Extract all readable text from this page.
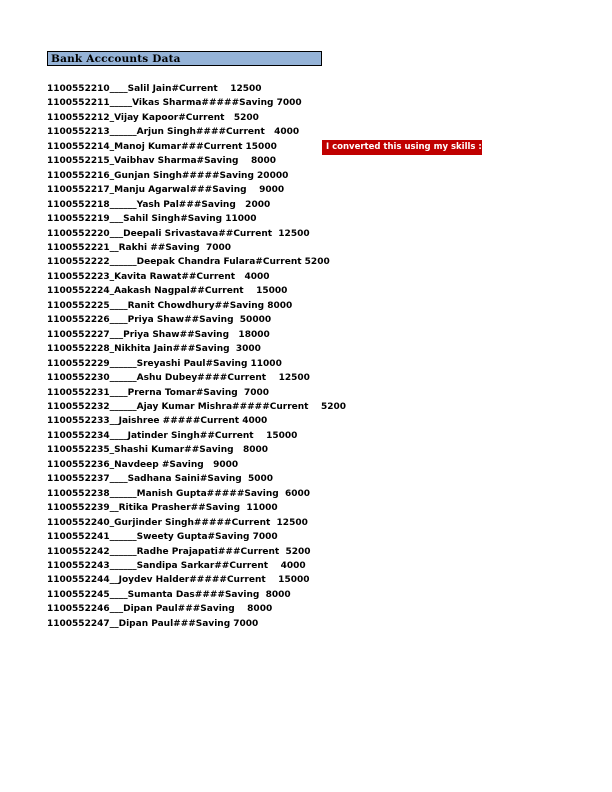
Bank Acccounts Data
1100552210____Salil Jain#Current    12500
1100552211_____Vikas Sharma#####Saving 7000
1100552212_Vijay Kapoor#Current   5200
1100552213______Arjun Singh####Current   4000
1100552214_Manoj Kumar###Current 15000
1100552215_Vaibhav Sharma#Saving    8000
1100552216_Gunjan Singh#####Saving 20000
1100552217_Manju Agarwal###Saving    9000
1100552218______Yash Pal###Saving   2000
1100552219___Sahil Singh#Saving 11000
1100552220___Deepali Srivastava##Current  12500
1100552221__Rakhi ##Saving  7000
1100552222______Deepak Chandra Fulara#Current 5200
1100552223_Kavita Rawat##Current   4000
1100552224_Aakash Nagpal##Current    15000
1100552225____Ranit Chowdhury##Saving 8000
1100552226____Priya Shaw##Saving  50000
1100552227___Priya Shaw##Saving   18000
1100552228_Nikhita Jain###Saving  3000
1100552229______Sreyashi Paul#Saving 11000
1100552230______Ashu Dubey####Current    12500
1100552231____Prerna Tomar#Saving  7000
1100552232______Ajay Kumar Mishra#####Current    5200
1100552233__Jaishree #####Current 4000
1100552234____Jatinder Singh##Current    15000
1100552235_Shashi Kumar##Saving   8000
1100552236_Navdeep #Saving   9000
1100552237____Sadhana Saini#Saving  5000
1100552238______Manish Gupta#####Saving  6000
1100552239__Ritika Prasher##Saving  11000
1100552240_Gurjinder Singh#####Current  12500
1100552241______Sweety Gupta#Saving 7000
1100552242______Radhe Prajapati###Current  5200
1100552243______Sandipa Sarkar##Current    4000
1100552244__Joydev Halder#####Current    15000
1100552245____Sumanta Das####Saving  8000
1100552246___Dipan Paul###Saving    8000
1100552247__Dipan Paul###Saving 7000
I converted this using my skills :)
